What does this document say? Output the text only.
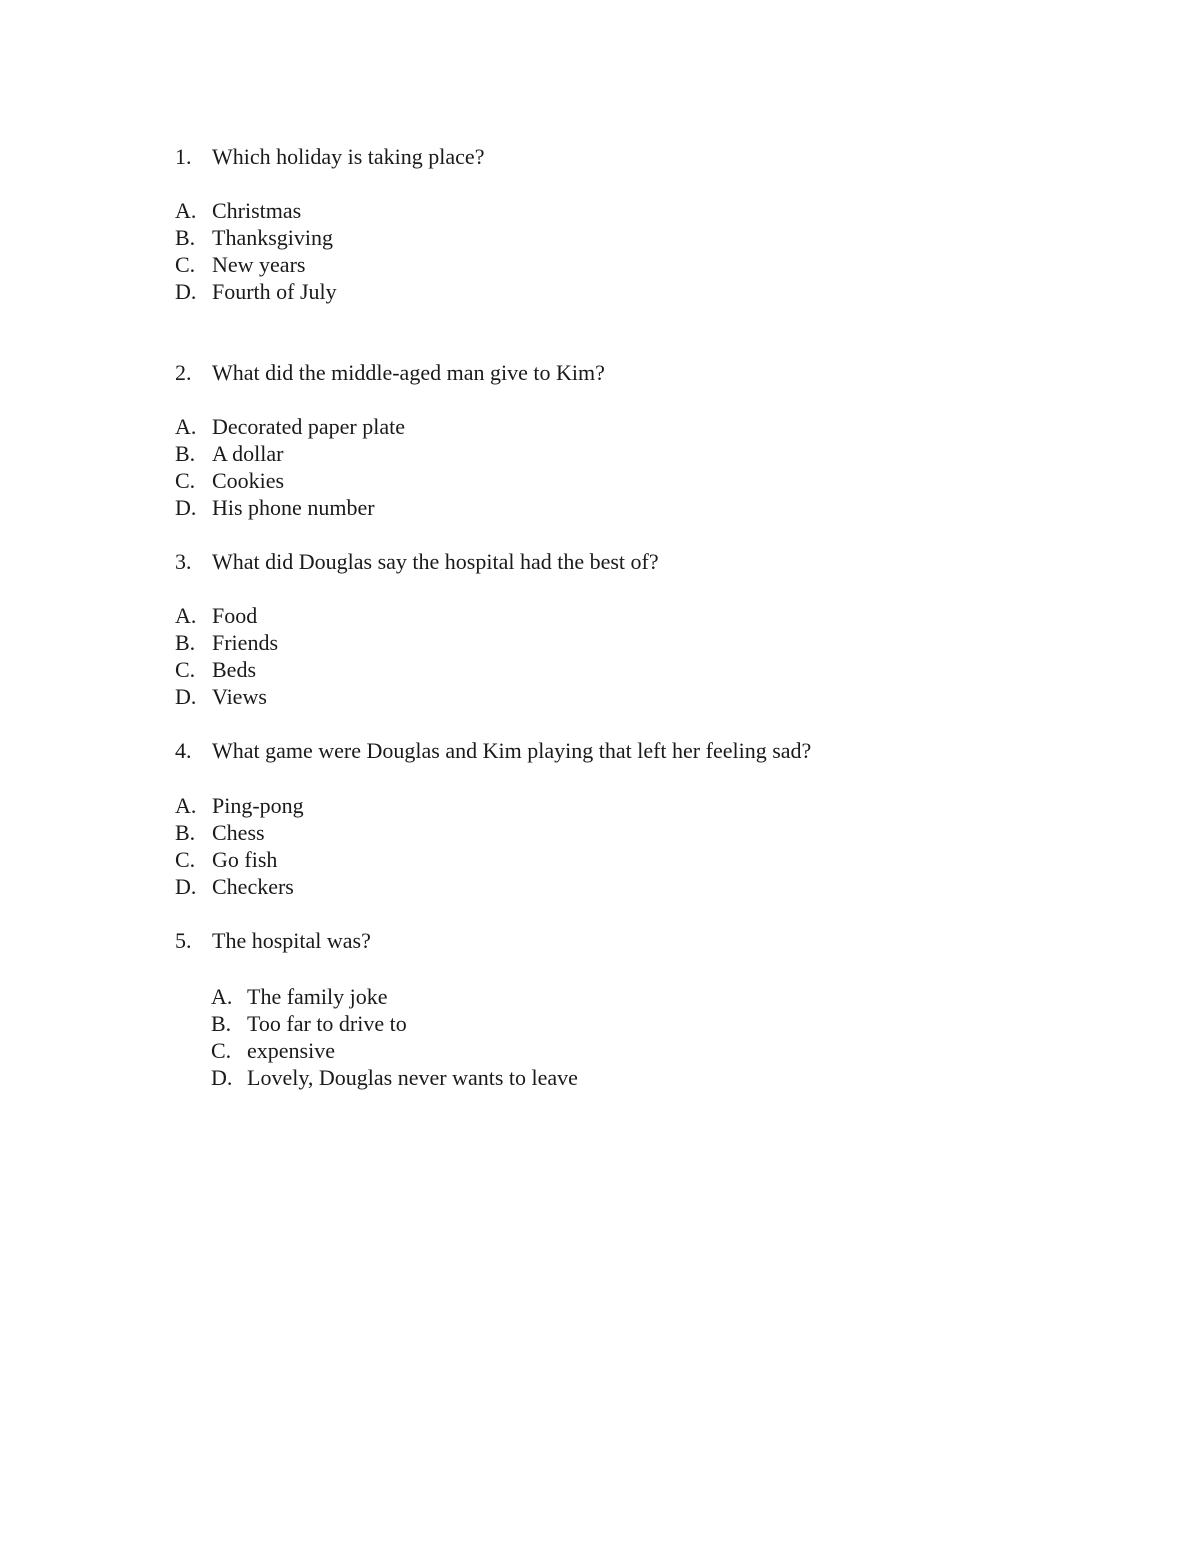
1. Which holiday is taking place?
A. Christmas
B. Thanksgiving
C. New years
D. Fourth of July
2. What did the middle-aged man give to Kim?
A. Decorated paper plate
B. A dollar
C. Cookies
D. His phone number
3. What did Douglas say the hospital had the best of?
A. Food
B. Friends
C. Beds
D. Views
4. What game were Douglas and Kim playing that left her feeling sad?
A. Ping-pong
B. Chess
C. Go fish
D. Checkers
5. The hospital was?
A. The family joke
B. Too far to drive to
C. expensive
D. Lovely, Douglas never wants to leave
